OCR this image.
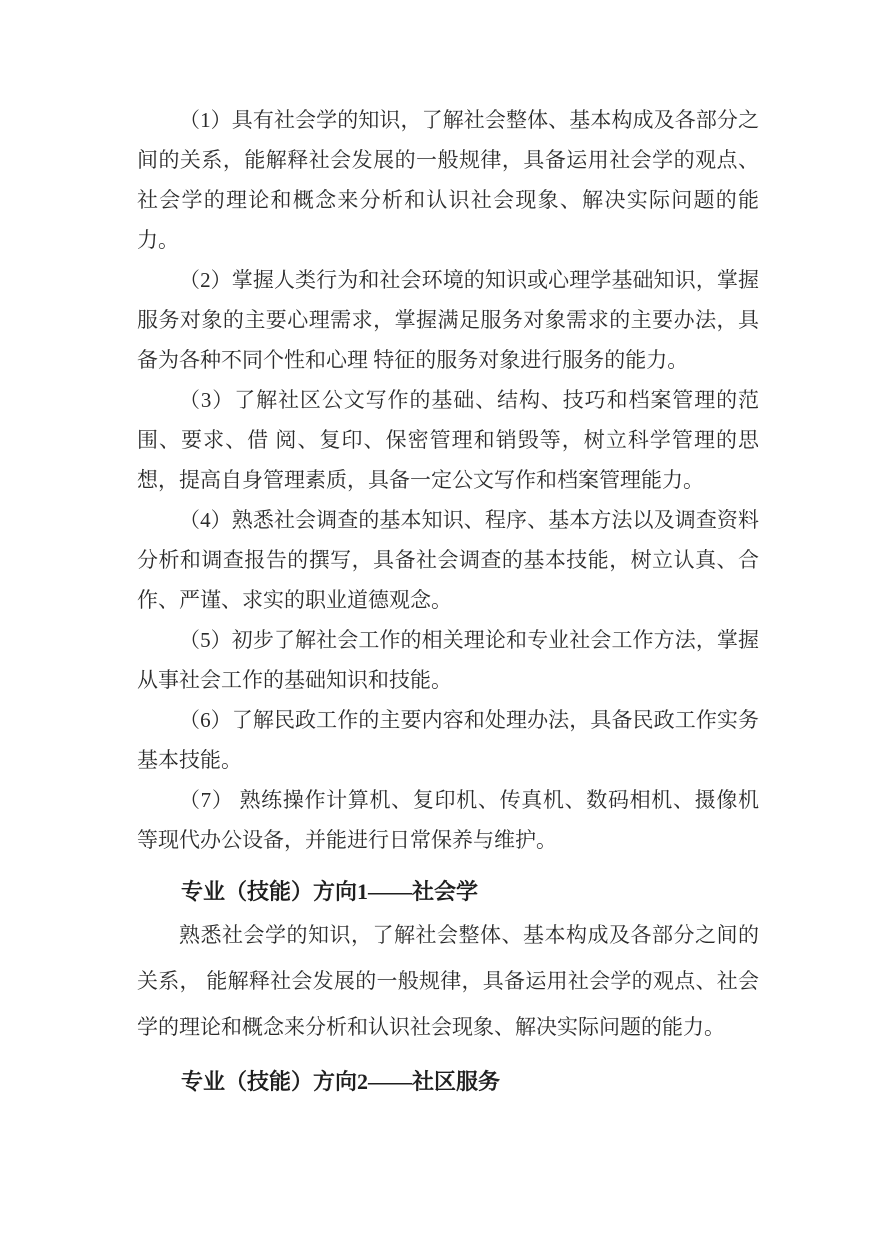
（1）具有社会学的知识，了解社会整体、基本构成及各部分之间的关系，能解释社会发展的一般规律，具备运用社会学的观点、社会学的理论和概念来分析和认识社会现象、解决实际问题的能力。

（2）掌握人类行为和社会环境的知识或心理学基础知识，掌握服务对象的主要心理需求，掌握满足服务对象需求的主要办法，具备为各种不同个性和心理 特征的服务对象进行服务的能力。

（3）了解社区公文写作的基础、结构、技巧和档案管理的范围、要求、借 阅、复印、保密管理和销毁等，树立科学管理的思想，提高自身管理素质，具备一定公文写作和档案管理能力。

（4）熟悉社会调查的基本知识、程序、基本方法以及调查资料分析和调查报告的撰写，具备社会调查的基本技能，树立认真、合作、严谨、求实的职业道德观念。

（5）初步了解社会工作的相关理论和专业社会工作方法，掌握从事社会工作的基础知识和技能。

（6）了解民政工作的主要内容和处理办法，具备民政工作实务基本技能。

（7） 熟练操作计算机、复印机、传真机、数码相机、摄像机等现代办公设备，并能进行日常保养与维护。

专业（技能）方向1——社会学

熟悉社会学的知识，了解社会整体、基本构成及各部分之间的关系， 能解释社会发展的一般规律，具备运用社会学的观点、社会学的理论和概念来分析和认识社会现象、解决实际问题的能力。

专业（技能）方向2——社区服务
